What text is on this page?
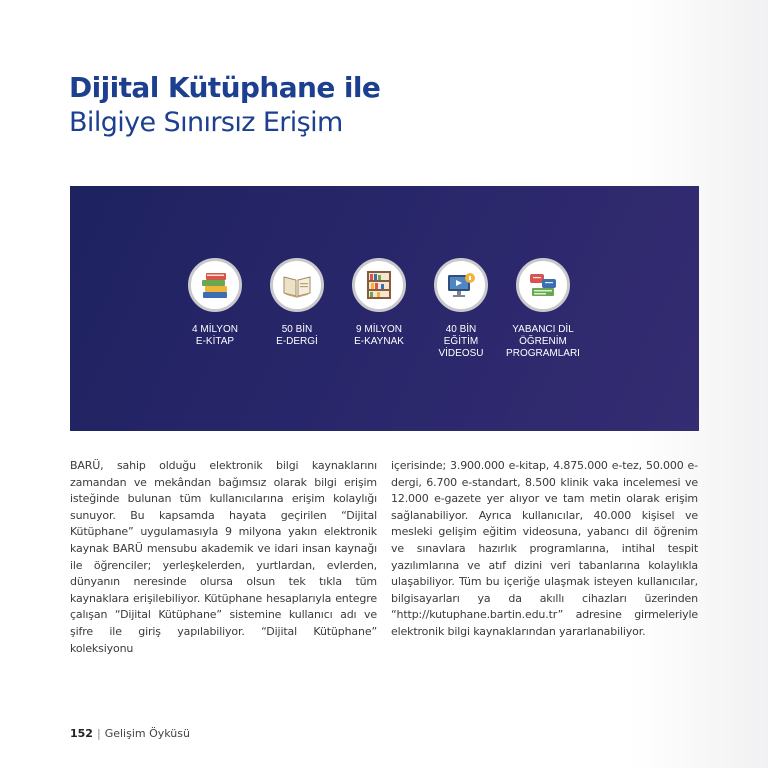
Dijital Kütüphane ile
Bilgiye Sınırsız Erişim
4 MİLYON
E-KİTAP
50 BİN
E-DERGİ
9 MİLYON
E-KAYNAK
40 BİN
EĞİTİM
VİDEOSU
YABANCI DİL
ÖĞRENİM
PROGRAMLARI

BARÜ, sahip olduğu elektronik bilgi kaynaklarını zamandan ve mekândan bağımsız olarak bilgi erişim isteğinde bulunan tüm kullanıcılarına erişim kolaylığı sunuyor. Bu kapsamda hayata geçirilen “Dijital Kütüphane” uygulamasıyla 9 milyona yakın elektronik kaynak BARÜ mensubu akademik ve idari insan kaynağı ile öğrenciler; yerleşkelerden, yurtlardan, evlerden, dünyanın neresinde olursa olsun tek tıkla tüm kaynaklara erişilebiliyor. Kütüphane hesaplarıyla entegre çalışan “Dijital Kütüphane” sistemine kullanıcı adı ve şifre ile giriş yapılabiliyor. “Dijital Kütüphane” koleksiyonu

içerisinde; 3.900.000 e-kitap, 4.875.000 e-tez, 50.000 e-dergi, 6.700 e-standart, 8.500 klinik vaka incelemesi ve 12.000 e-gazete yer alıyor ve tam metin olarak erişim sağlanabiliyor. Ayrıca kullanıcılar, 40.000 kişisel ve mesleki gelişim eğitim videosuna, yabancı dil öğrenim ve sınavlara hazırlık programlarına, intihal tespit yazılımlarına ve atıf dizini veri tabanlarına kolaylıkla ulaşabiliyor. Tüm bu içeriğe ulaşmak isteyen kullanıcılar, bilgisayarları ya da akıllı cihazları üzerinden “http://kutuphane.bartin.edu.tr” adresine girmeleriyle elektronik bilgi kaynaklarından yararlanabiliyor.

152 | Gelişim Öyküsü
